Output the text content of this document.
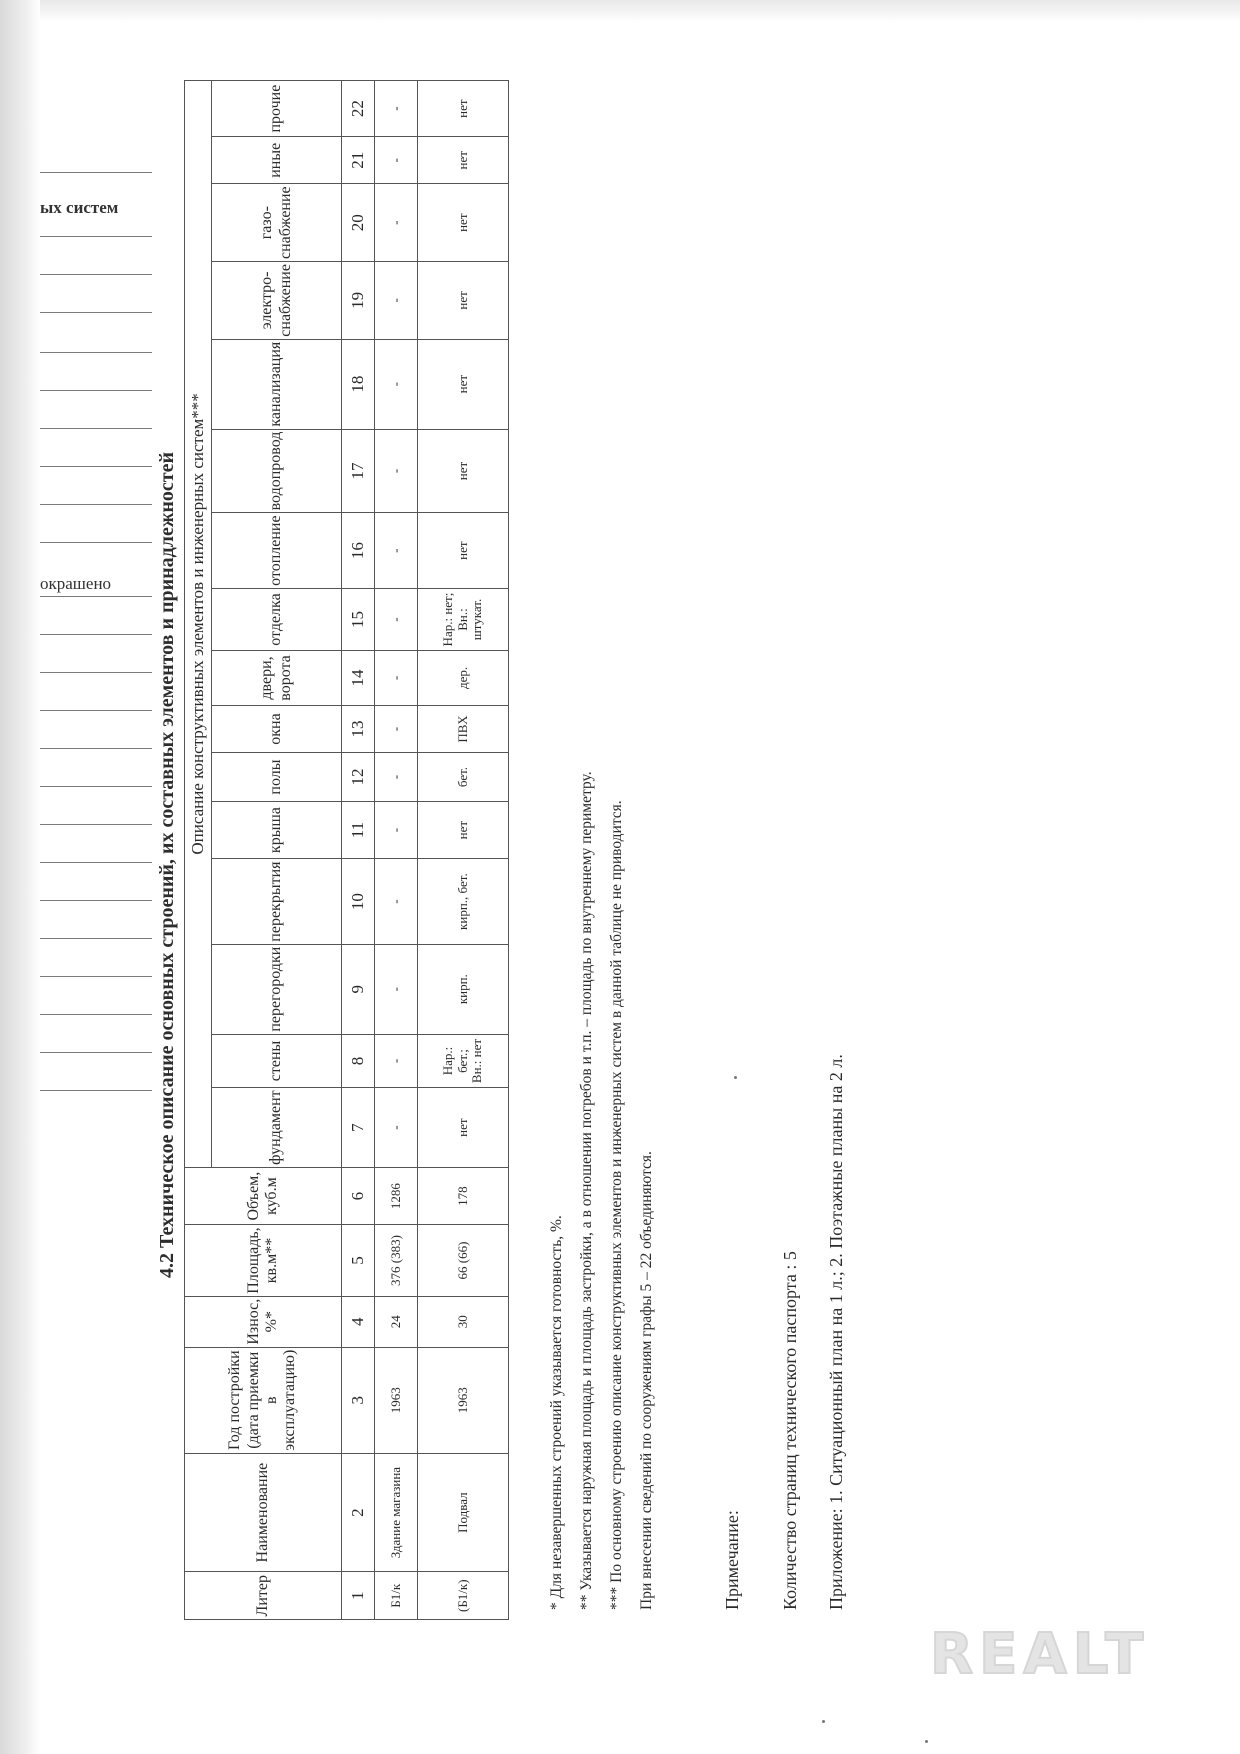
ых систем
окрашено 4.2 Техническое описание основных строений, их составных элементов и принадлежностей
Литер	Наименование	Год постройки (дата приемки в эксплуатацию)	Износ, %*	Площадь, кв.м**	Объем, куб.м	Описание конструктивных элементов и инженерных систем***															
						фундамент	стены	перегородки	перекрытия	крыша	полы	окна	двери, ворота	отделка	отопление	водопровод	канализация	электро-снабжение	газо-снабжение	иные	прочие
1	2	3	4	5	6	7	8	9	10	11	12	13	14	15	16	17	18	19	20	21	22
Б1/к	Здание магазина	1963	24	376 (383)	1286	-	-	-	-	-	-	-	-	-	-	-	-	-	-	-	-
(Б1/к)	Подвал	1963	30	66 (66)	178	нет	Нар.: бет.; Вн.: нет	кирп.	кирп., бет.	нет	бет.	ПВХ	дер.	Нар.: нет; Вн.: штукат.	нет	нет	нет	нет	нет	нет	нет
* Для незавершенных строений указывается готовность, %. ** Указывается наружная площадь и площадь застройки, а в отношении погребов и т.п. – площадь по внутреннему периметру. *** По основному строению описание конструктивных элементов и инженерных систем в данной таблице не приводится. При внесении сведений по сооружениям графы 5 – 22 объединяются.	Примечание: Количество страниц технического паспорта : 5 Приложение: 1. Ситуационный план на 1 л.; 2. Поэтажные планы на 2 л.
REALT
